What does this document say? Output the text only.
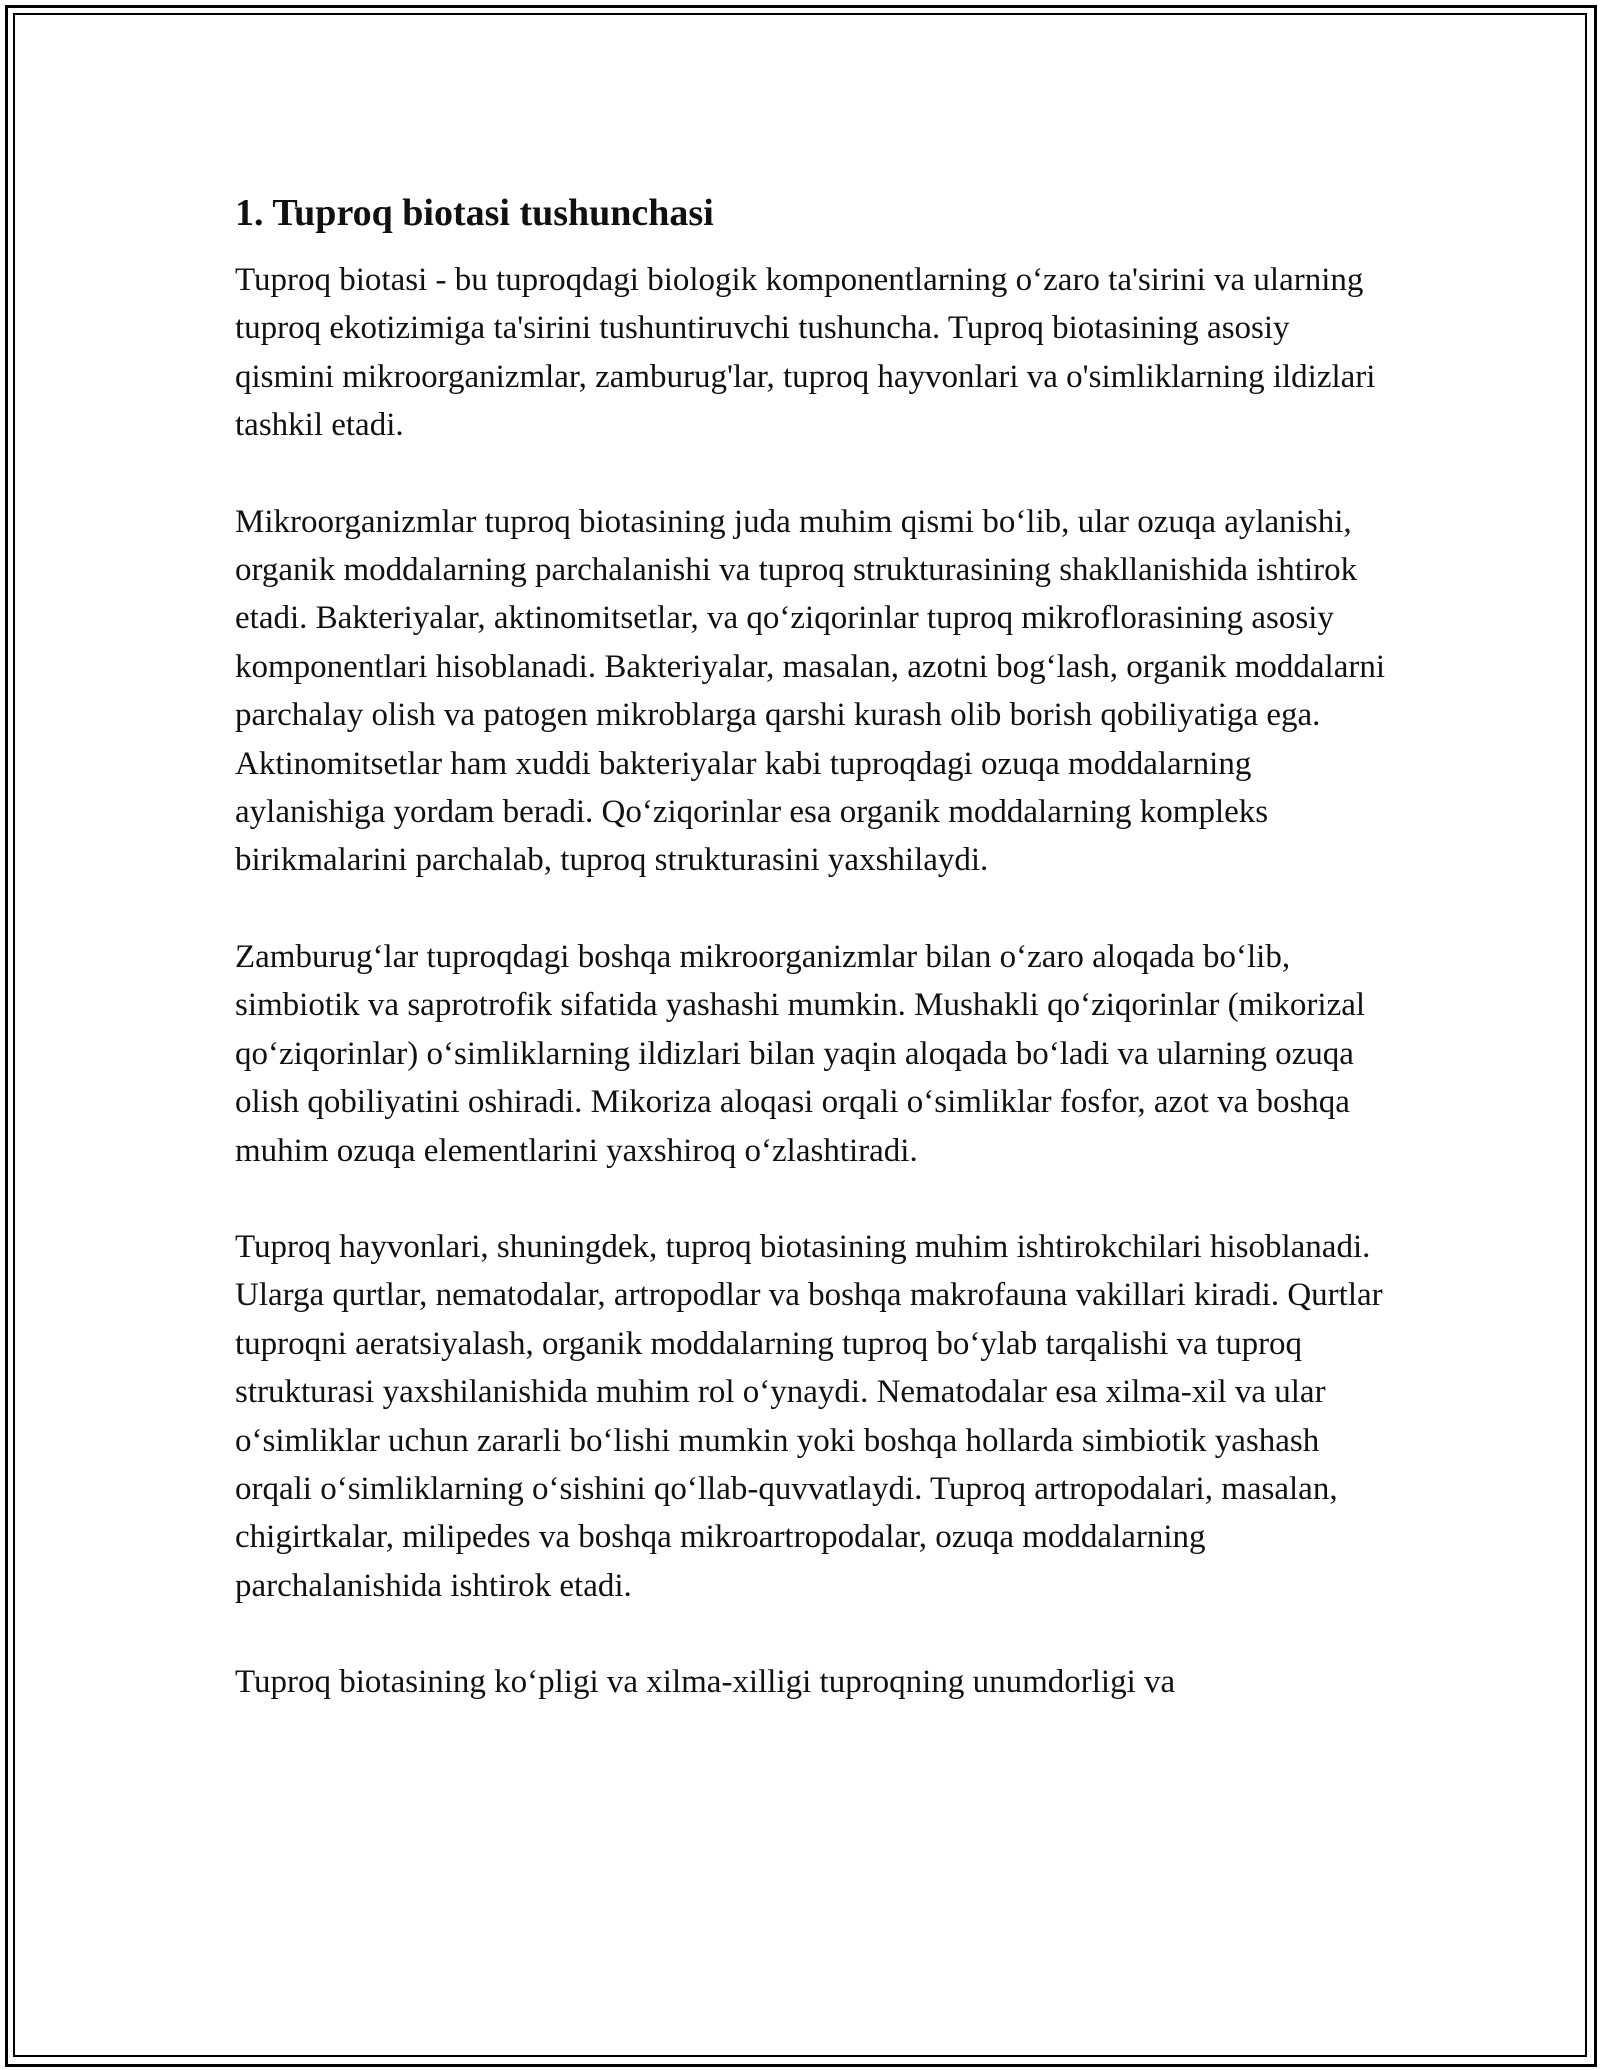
1. Tuproq biotasi tushunchasi

Tuproq biotasi - bu tuproqdagi biologik komponentlarning o‘zaro ta'sirini va ularning tuproq ekotizimiga ta'sirini tushuntiruvchi tushuncha. Tuproq biotasining asosiy qismini mikroorganizmlar, zamburug'lar, tuproq hayvonlari va o'simliklarning ildizlari tashkil etadi.

Mikroorganizmlar tuproq biotasining juda muhim qismi bo‘lib, ular ozuqa aylanishi, organik moddalarning parchalanishi va tuproq strukturasining shakllanishida ishtirok etadi. Bakteriyalar, aktinomitsetlar, va qo‘ziqorinlar tuproq mikroflorasining asosiy komponentlari hisoblanadi. Bakteriyalar, masalan, azotni bog‘lash, organik moddalarni parchalay olish va patogen mikroblarga qarshi kurash olib borish qobiliyatiga ega. Aktinomitsetlar ham xuddi bakteriyalar kabi tuproqdagi ozuqa moddalarning aylanishiga yordam beradi. Qo‘ziqorinlar esa organik moddalarning kompleks birikmalarini parchalab, tuproq strukturasini yaxshilaydi.

Zamburug‘lar tuproqdagi boshqa mikroorganizmlar bilan o‘zaro aloqada bo‘lib, simbiotik va saprotrofik sifatida yashashi mumkin. Mushakli qo‘ziqorinlar (mikorizal qo‘ziqorinlar) o‘simliklarning ildizlari bilan yaqin aloqada bo‘ladi va ularning ozuqa olish qobiliyatini oshiradi. Mikoriza aloqasi orqali o‘simliklar fosfor, azot va boshqa muhim ozuqa elementlarini yaxshiroq o‘zlashtiradi.

Tuproq hayvonlari, shuningdek, tuproq biotasining muhim ishtirokchilari hisoblanadi. Ularga qurtlar, nematodalar, artropodlar va boshqa makrofauna vakillari kiradi. Qurtlar tuproqni aeratsiyalash, organik moddalarning tuproq bo‘ylab tarqalishi va tuproq strukturasi yaxshilanishida muhim rol o‘ynaydi. Nematodalar esa xilma-xil va ular o‘simliklar uchun zararli bo‘lishi mumkin yoki boshqa hollarda simbiotik yashash orqali o‘simliklarning o‘sishini qo‘llab-quvvatlaydi. Tuproq artropodalari, masalan, chigirtkalar, milipedes va boshqa mikroartropodalar, ozuqa moddalarning parchalanishida ishtirok etadi.

Tuproq biotasining ko‘pligi va xilma-xilligi tuproqning unumdorligi va
